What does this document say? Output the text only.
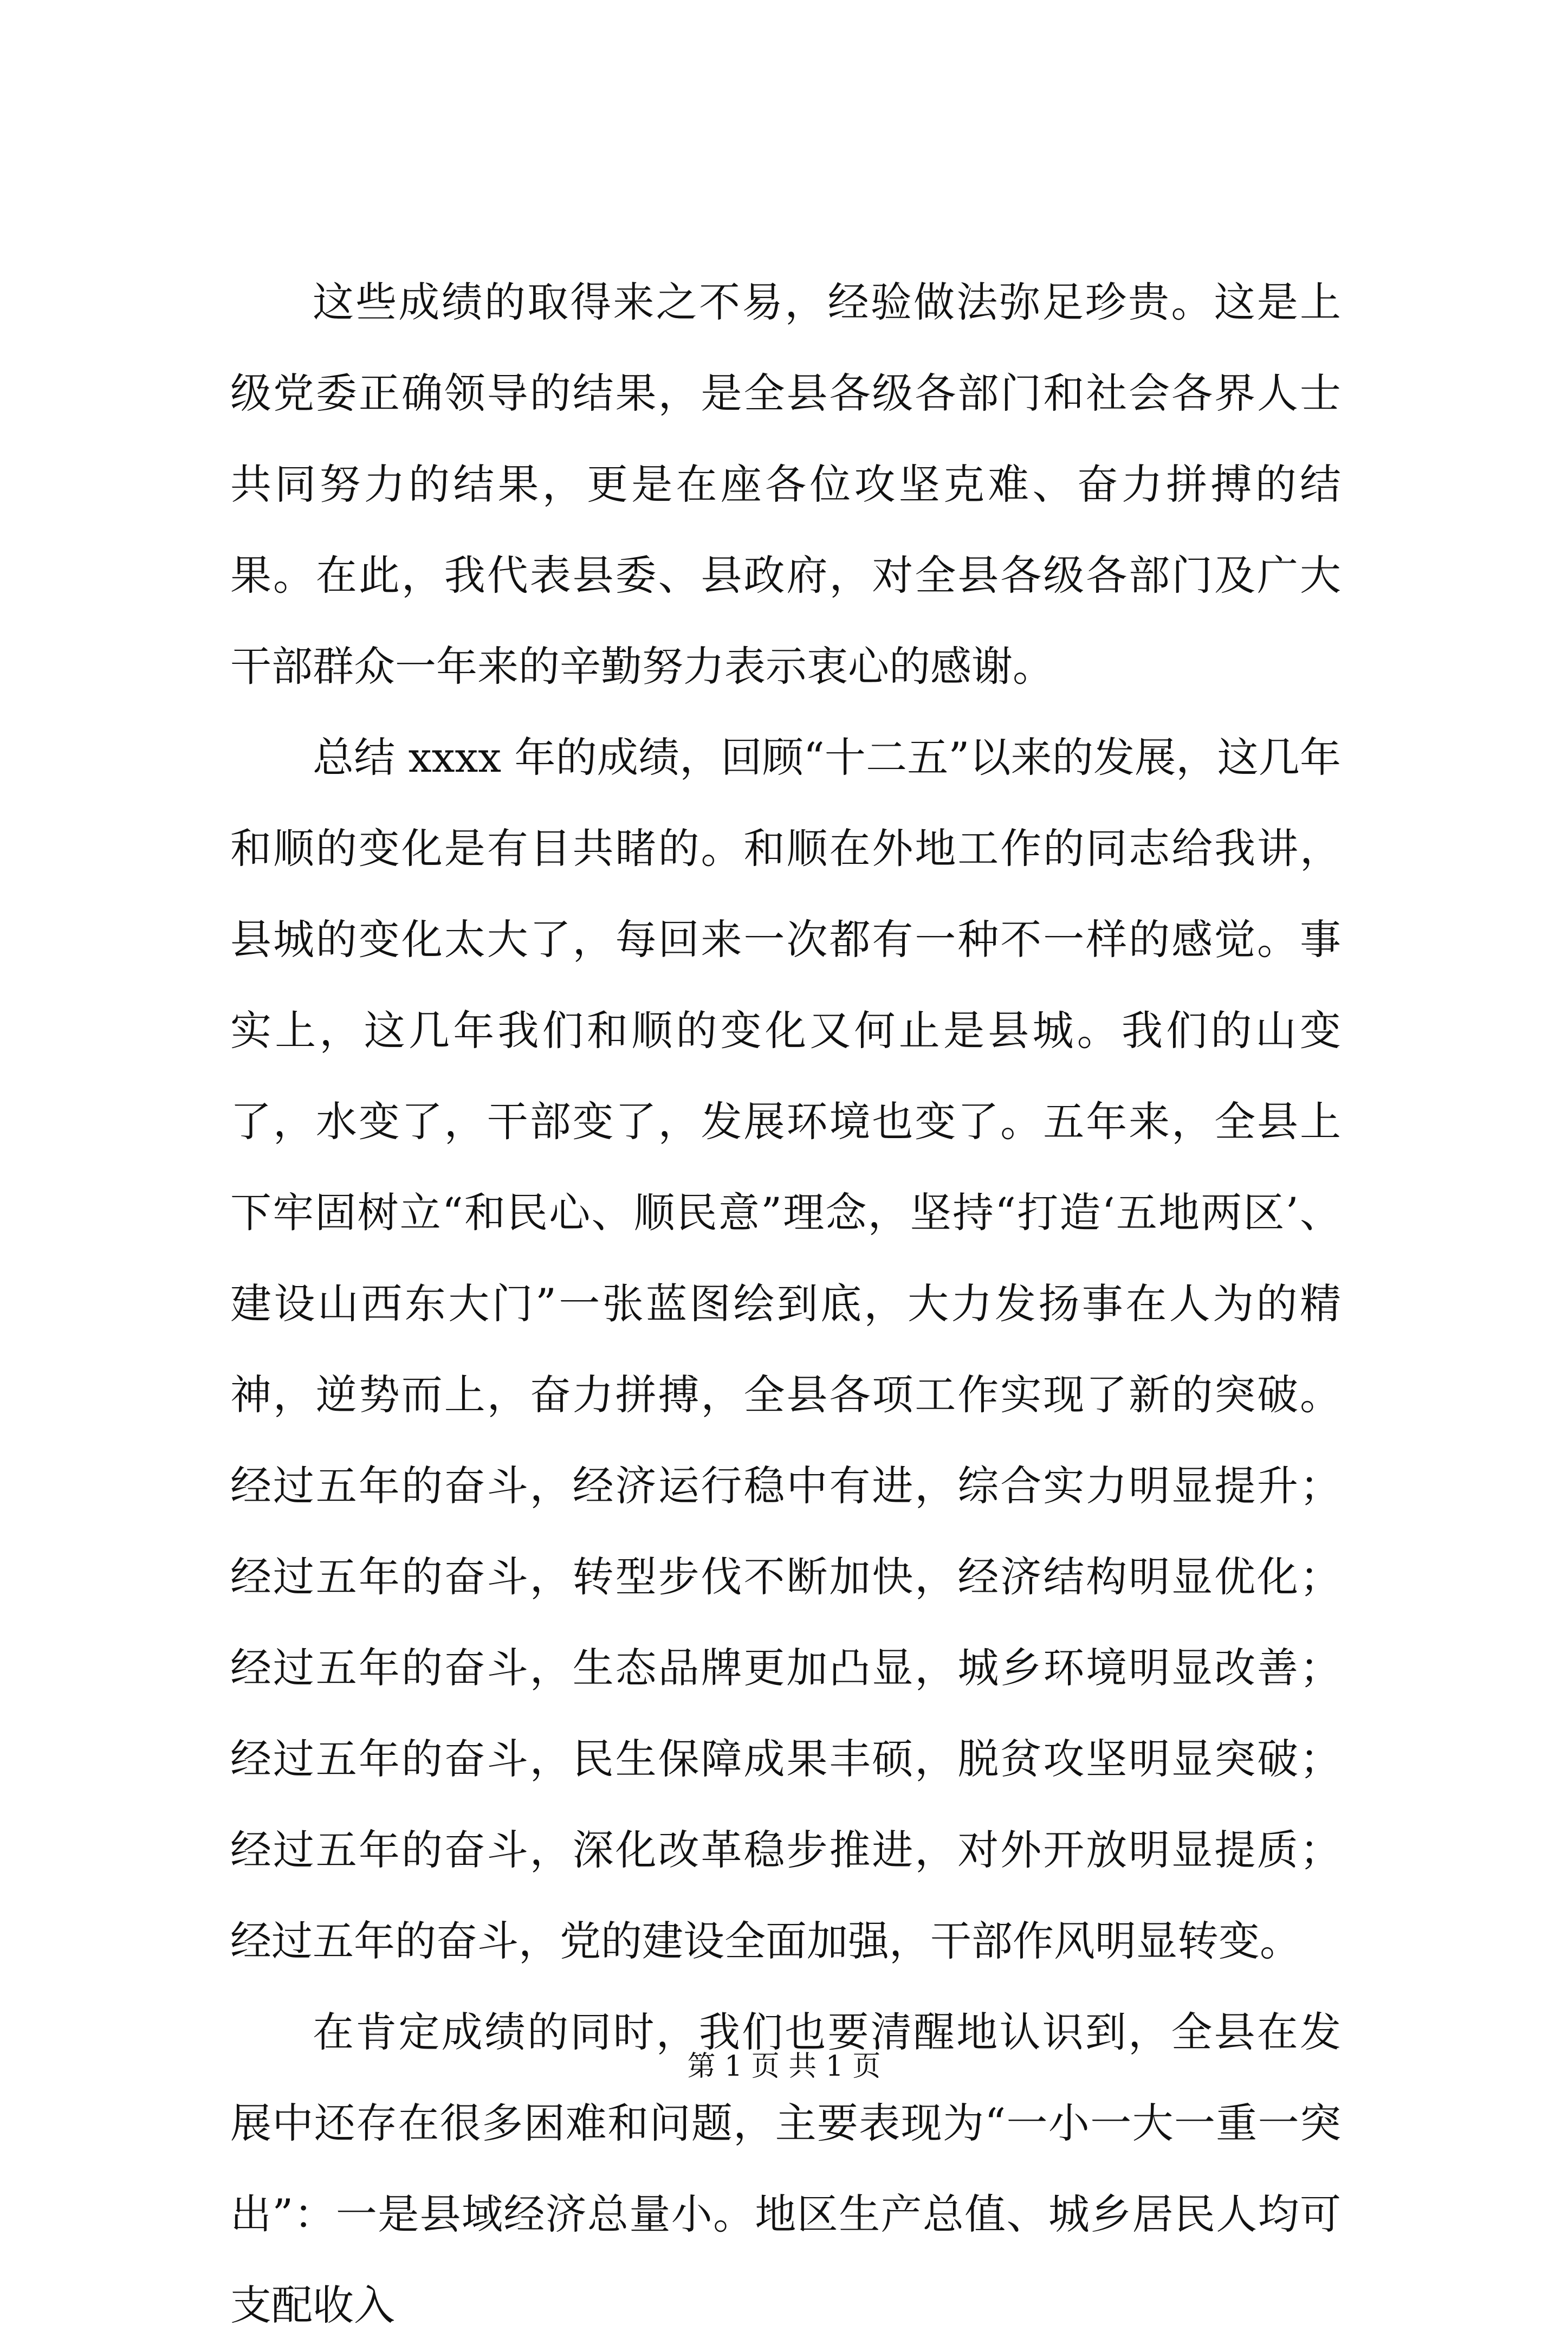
这些成绩的取得来之不易，经验做法弥足珍贵。这是上级党委正确领导的结果，是全县各级各部门和社会各界人士共同努力的结果，更是在座各位攻坚克难、奋力拼搏的结果。在此，我代表县委、县政府，对全县各级各部门及广大干部群众一年来的辛勤努力表示衷心的感谢。

总结 xxxx 年的成绩，回顾“十二五”以来的发展，这几年和顺的变化是有目共睹的。和顺在外地工作的同志给我讲，县城的变化太大了，每回来一次都有一种不一样的感觉。事实上，这几年我们和顺的变化又何止是县城。我们的山变了，水变了，干部变了，发展环境也变了。五年来，全县上下牢固树立“和民心、顺民意”理念，坚持“打造‘五地两区’、建设山西东大门”一张蓝图绘到底，大力发扬事在人为的精神，逆势而上，奋力拼搏，全县各项工作实现了新的突破。经过五年的奋斗，经济运行稳中有进，综合实力明显提升；经过五年的奋斗，转型步伐不断加快，经济结构明显优化；经过五年的奋斗，生态品牌更加凸显，城乡环境明显改善；经过五年的奋斗，民生保障成果丰硕，脱贫攻坚明显突破；经过五年的奋斗，深化改革稳步推进，对外开放明显提质；经过五年的奋斗，党的建设全面加强，干部作风明显转变。

在肯定成绩的同时，我们也要清醒地认识到，全县在发展中还存在很多困难和问题，主要表现为“一小一大一重一突出”：一是县域经济总量小。地区生产总值、城乡居民人均可支配收入

第 1 页 共 1 页
